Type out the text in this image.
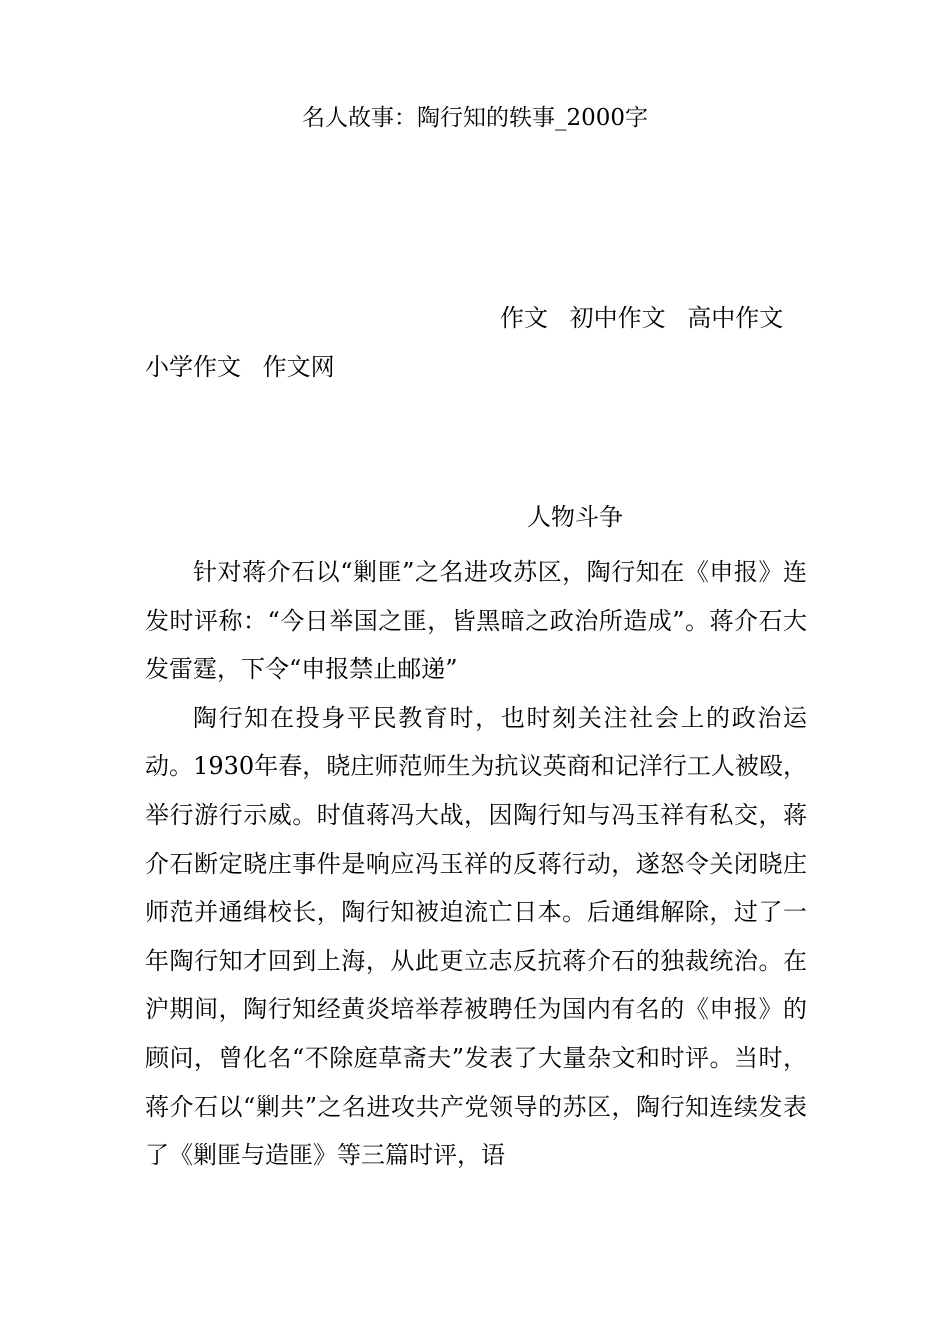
名人故事：陶行知的轶事_2000字
作文 初中作文 高中作文
小学作文 作文网
人物斗争

针对蒋介石以“剿匪”之名进攻苏区，陶行知在《申报》连发时评称：“今日举国之匪，皆黑暗之政治所造成”。蒋介石大发雷霆，下令“申报禁止邮递”

陶行知在投身平民教育时，也时刻关注社会上的政治运动。1930年春，晓庄师范师生为抗议英商和记洋行工人被殴，举行游行示威。时值蒋冯大战，因陶行知与冯玉祥有私交，蒋介石断定晓庄事件是响应冯玉祥的反蒋行动，遂怒令关闭晓庄师范并通缉校长，陶行知被迫流亡日本。后通缉解除，过了一年陶行知才回到上海，从此更立志反抗蒋介石的独裁统治。在沪期间，陶行知经黄炎培举荐被聘任为国内有名的《申报》的顾问，曾化名“不除庭草斋夫”发表了大量杂文和时评。当时，蒋介石以“剿共”之名进攻共产党领导的苏区，陶行知连续发表了《剿匪与造匪》等三篇时评，语
